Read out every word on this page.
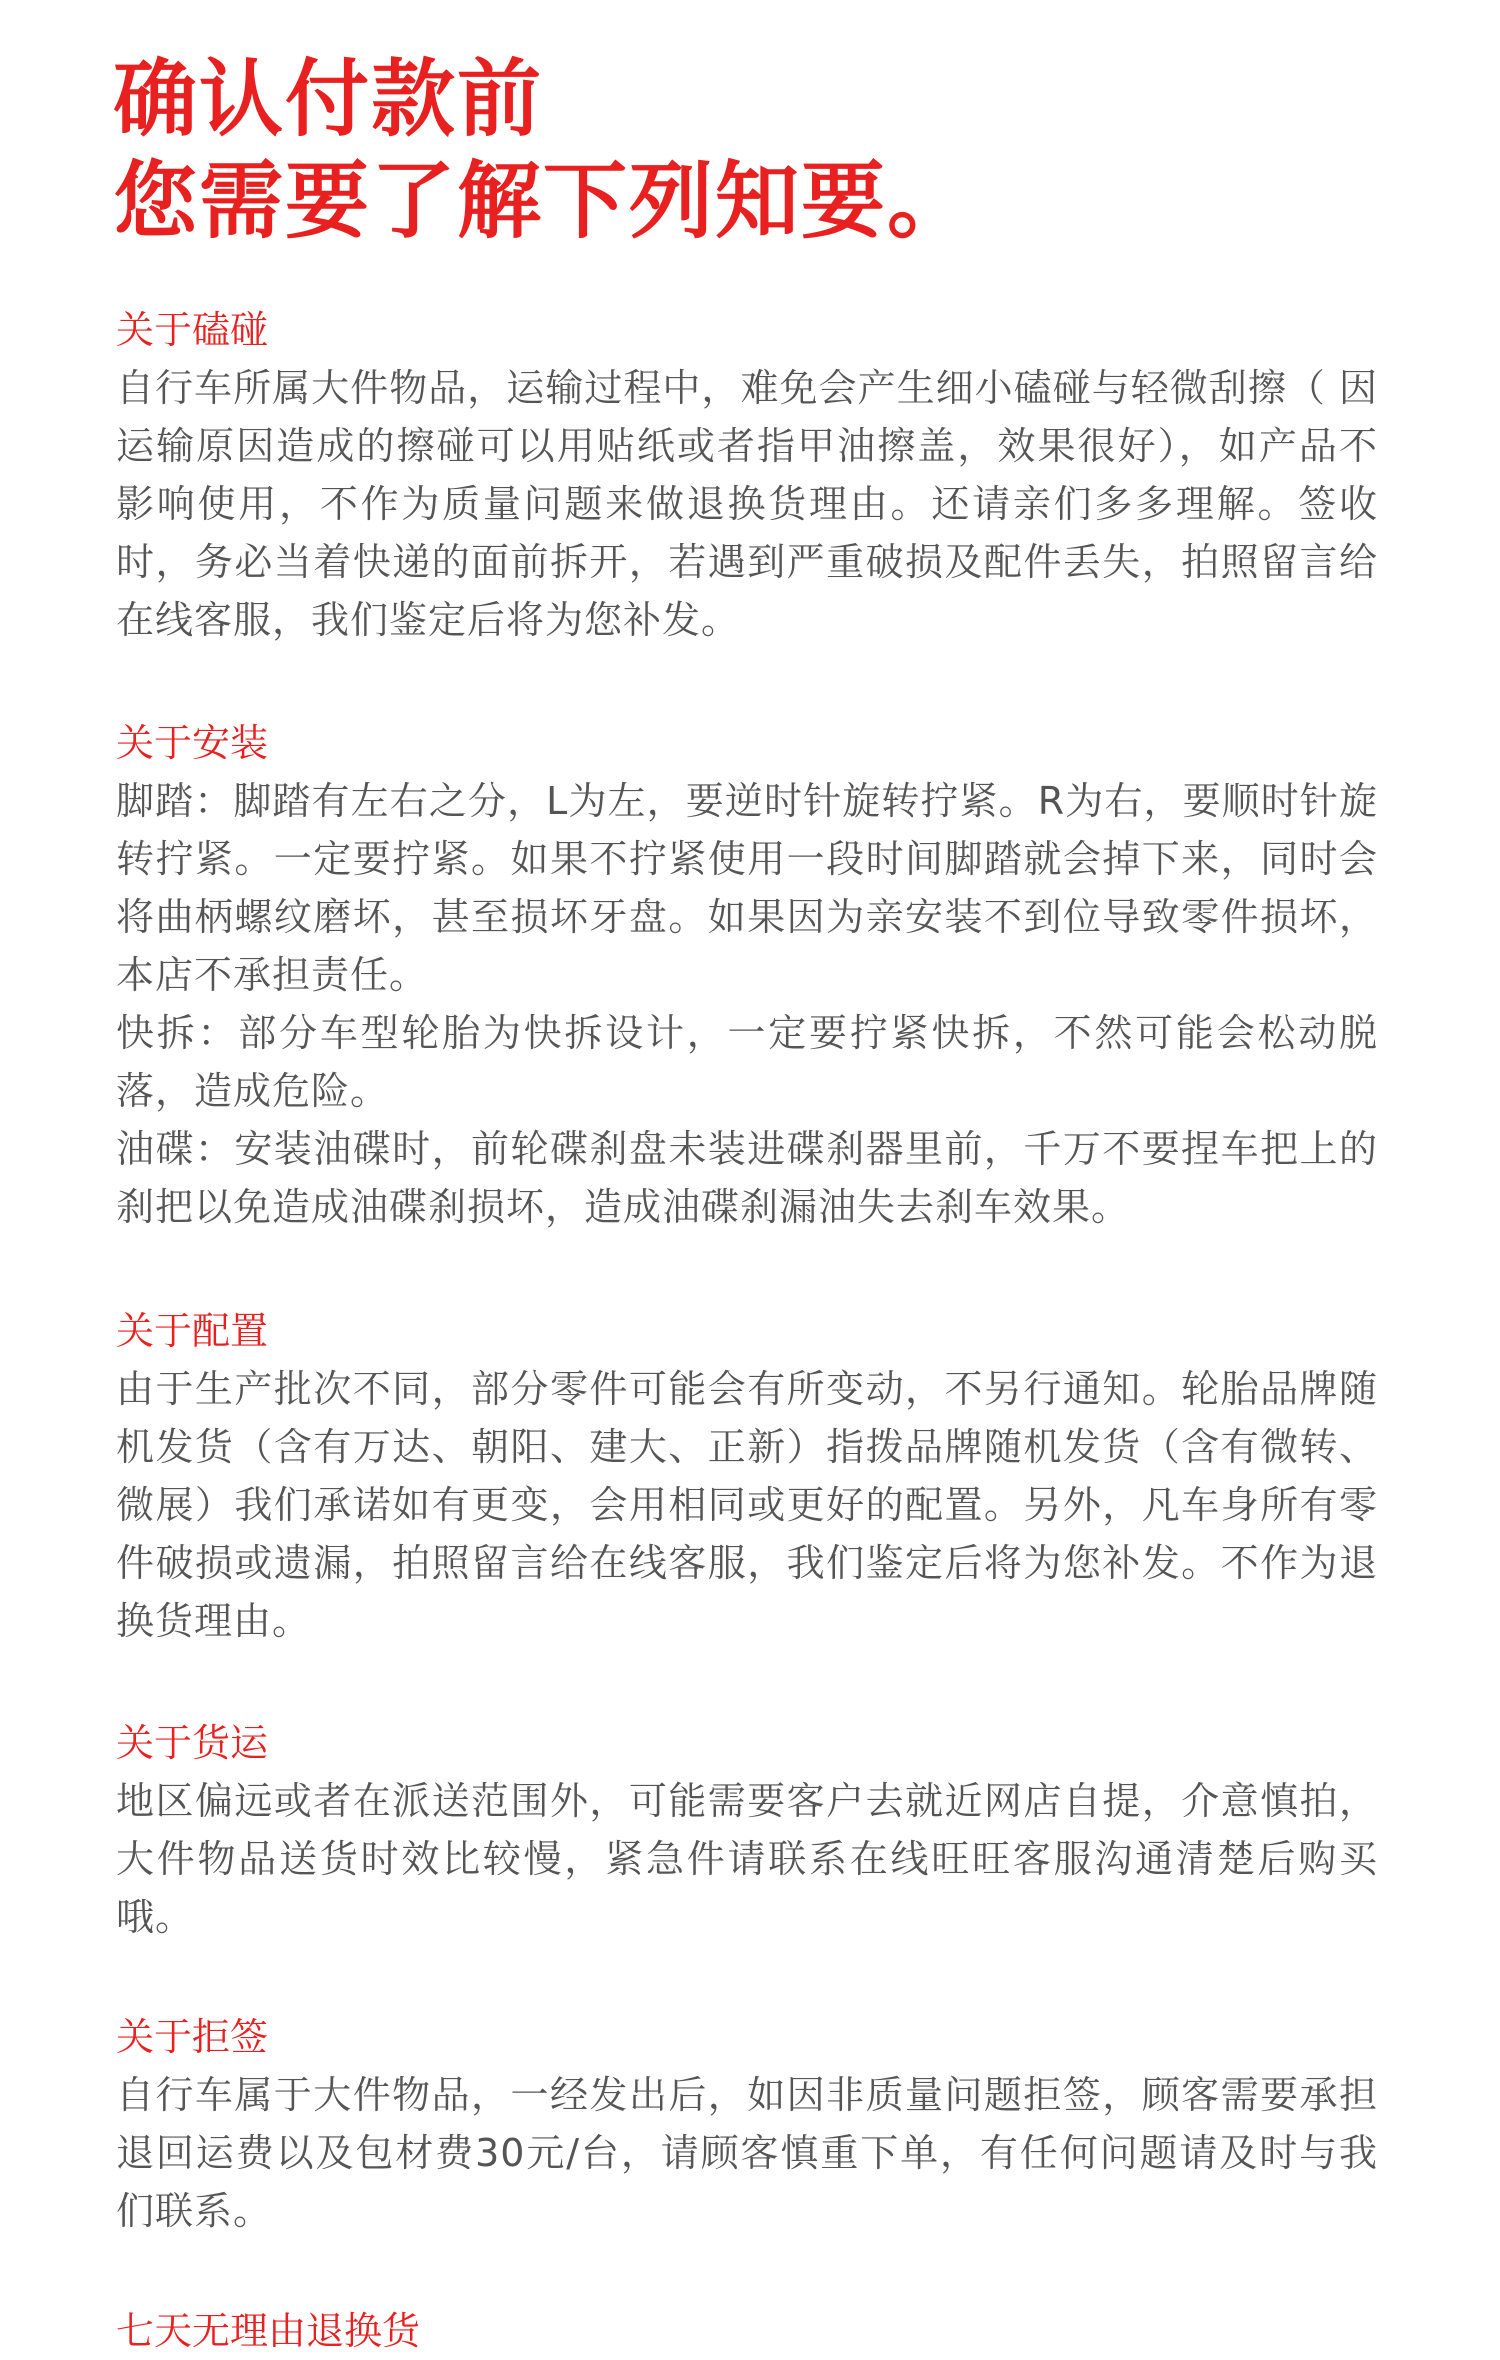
确认付款前
您需要了解下列知要。
关于磕碰

自行车所属大件物品，运输过程中，难免会产生细小磕碰与轻微刮擦（ 因运输原因造成的擦碰可以用贴纸或者指甲油擦盖，效果很好），如产品不影响使用，不作为质量问题来做退换货理由。还请亲们多多理解。签收时，务必当着快递的面前拆开，若遇到严重破损及配件丢失，拍照留言给在线客服，我们鉴定后将为您补发。

关于安装

脚踏：脚踏有左右之分，L为左，要逆时针旋转拧紧。R为右，要顺时针旋转拧紧。一定要拧紧。如果不拧紧使用一段时间脚踏就会掉下来，同时会将曲柄螺纹磨坏，甚至损坏牙盘。如果因为亲安装不到位导致零件损坏，本店不承担责任。

快拆：部分车型轮胎为快拆设计，一定要拧紧快拆，不然可能会松动脱落，造成危险。

油碟：安装油碟时，前轮碟刹盘未装进碟刹器里前，千万不要捏车把上的刹把以免造成油碟刹损坏，造成油碟刹漏油失去刹车效果。

关于配置

由于生产批次不同，部分零件可能会有所变动，不另行通知。轮胎品牌随机发货（含有万达、朝阳、建大、正新）指拨品牌随机发货（含有微转、微展）我们承诺如有更变，会用相同或更好的配置。另外，凡车身所有零件破损或遗漏，拍照留言给在线客服，我们鉴定后将为您补发。不作为退换货理由。

关于货运

地区偏远或者在派送范围外，可能需要客户去就近网店自提，介意慎拍，大件物品送货时效比较慢，紧急件请联系在线旺旺客服沟通清楚后购买哦。

关于拒签

自行车属于大件物品，一经发出后，如因非质量问题拒签，顾客需要承担退回运费以及包材费30元/台，请顾客慎重下单，有任何问题请及时与我们联系。

七天无理由退换货
